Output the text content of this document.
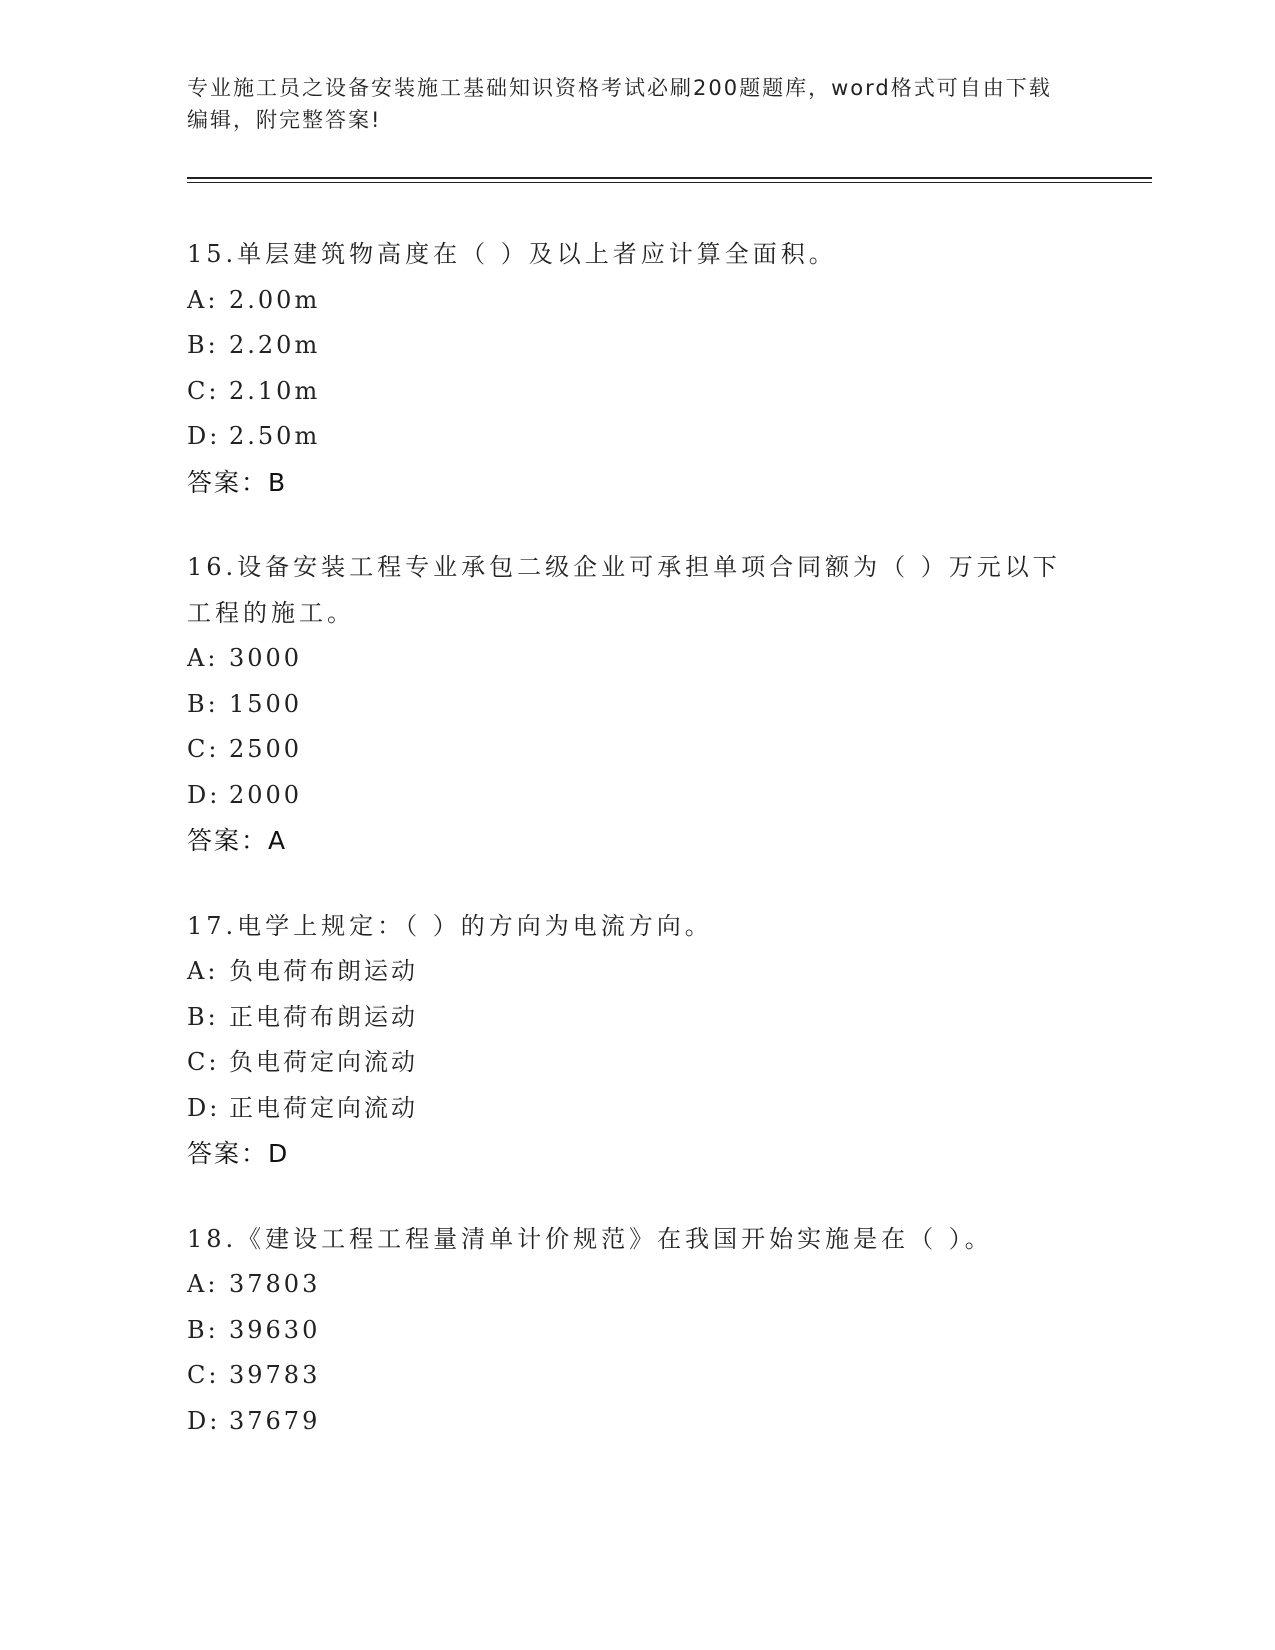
专业施工员之设备安装施工基础知识资格考试必刷200题题库，word格式可自由下载编辑，附完整答案!
15.单层建筑物高度在（ ）及以上者应计算全面积。
A: 2.00m
B: 2.20m
C: 2.10m
D: 2.50m
答案：B
16.设备安装工程专业承包二级企业可承担单项合同额为（ ）万元以下工程的施工。
A: 3000
B: 1500
C: 2500
D: 2000
答案：A
17.电学上规定：（ ）的方向为电流方向。
A: 负电荷布朗运动
B: 正电荷布朗运动
C: 负电荷定向流动
D: 正电荷定向流动
答案：D
18.《建设工程工程量清单计价规范》在我国开始实施是在（ ）。
A: 37803
B: 39630
C: 39783
D: 37679
